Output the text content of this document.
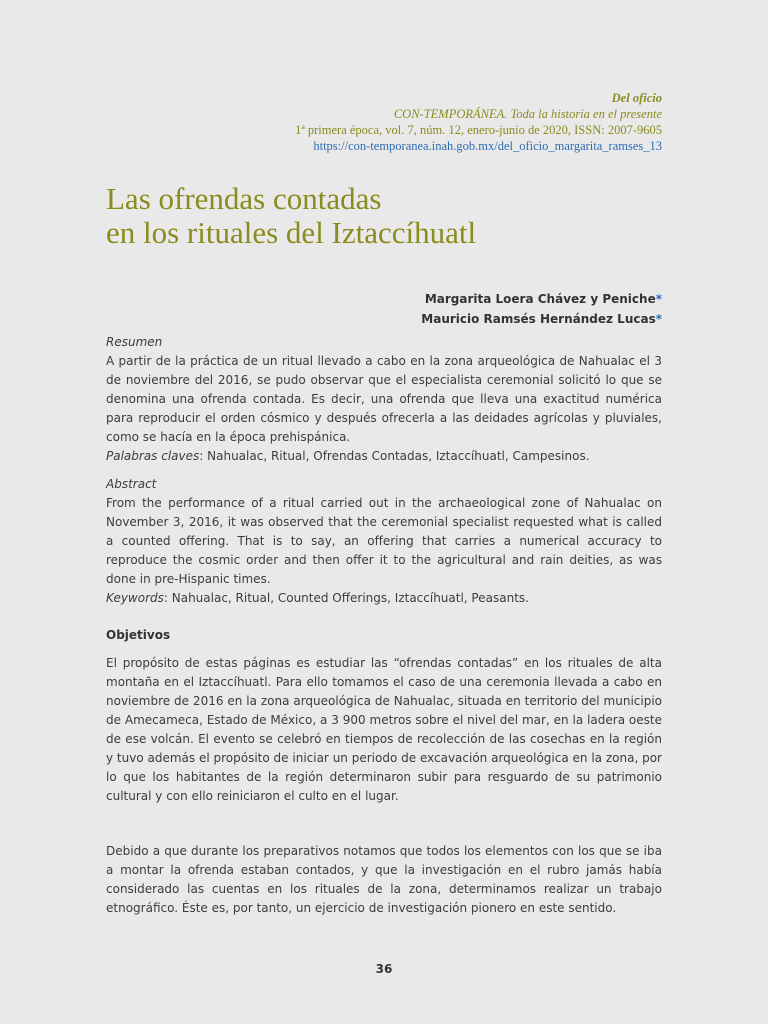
Del oficio
CON-TEMPORÁNEA. Toda la historia en el presente
1ª primera época, vol. 7, núm. 12, enero-junio de 2020, ISSN: 2007-9605
https://con-temporanea.inah.gob.mx/del_oficio_margarita_ramses_13
Las ofrendas contadas
en los rituales del Iztaccíhuatl
Margarita Loera Chávez y Peniche*
Mauricio Ramsés Hernández Lucas*
Resumen
A partir de la práctica de un ritual llevado a cabo en la zona arqueológica de Nahualac el 3 de noviembre del 2016, se pudo observar que el especialista ceremonial solicitó lo que se denomina una ofrenda contada. Es decir, una ofrenda que lleva una exactitud numérica para reproducir el orden cósmico y después ofrecerla a las deidades agrícolas y pluviales, como se hacía en la época prehispánica.
Palabras claves: Nahualac, Ritual, Ofrendas Contadas, Iztaccíhuatl, Campesinos.
Abstract
From the performance of a ritual carried out in the archaeological zone of Nahualac on November 3, 2016, it was observed that the ceremonial specialist requested what is called a counted offering. That is to say, an offering that carries a numerical accuracy to reproduce the cosmic order and then offer it to the agricultural and rain deities, as was done in pre-Hispanic times.
Keywords: Nahualac, Ritual, Counted Offerings, Iztaccíhuatl, Peasants.
Objetivos
El propósito de estas páginas es estudiar las “ofrendas contadas” en los rituales de alta montaña en el Iztaccíhuatl. Para ello tomamos el caso de una ceremonia llevada a cabo en noviembre de 2016 en la zona arqueológica de Nahualac, situada en territorio del municipio de Amecameca, Estado de México, a 3 900 metros sobre el nivel del mar, en la ladera oeste de ese volcán. El evento se celebró en tiempos de recolección de las cosechas en la región y tuvo además el propósito de iniciar un periodo de excavación arqueológica en la zona, por lo que los habitantes de la región determinaron subir para resguardo de su patrimonio cultural y con ello reiniciaron el culto en el lugar.
Debido a que durante los preparativos notamos que todos los elementos con los que se iba a montar la ofrenda estaban contados, y que la investigación en el rubro jamás había considerado las cuentas en los rituales de la zona, determinamos realizar un trabajo etnográfico. Éste es, por tanto, un ejercicio de investigación pionero en este sentido.
36
